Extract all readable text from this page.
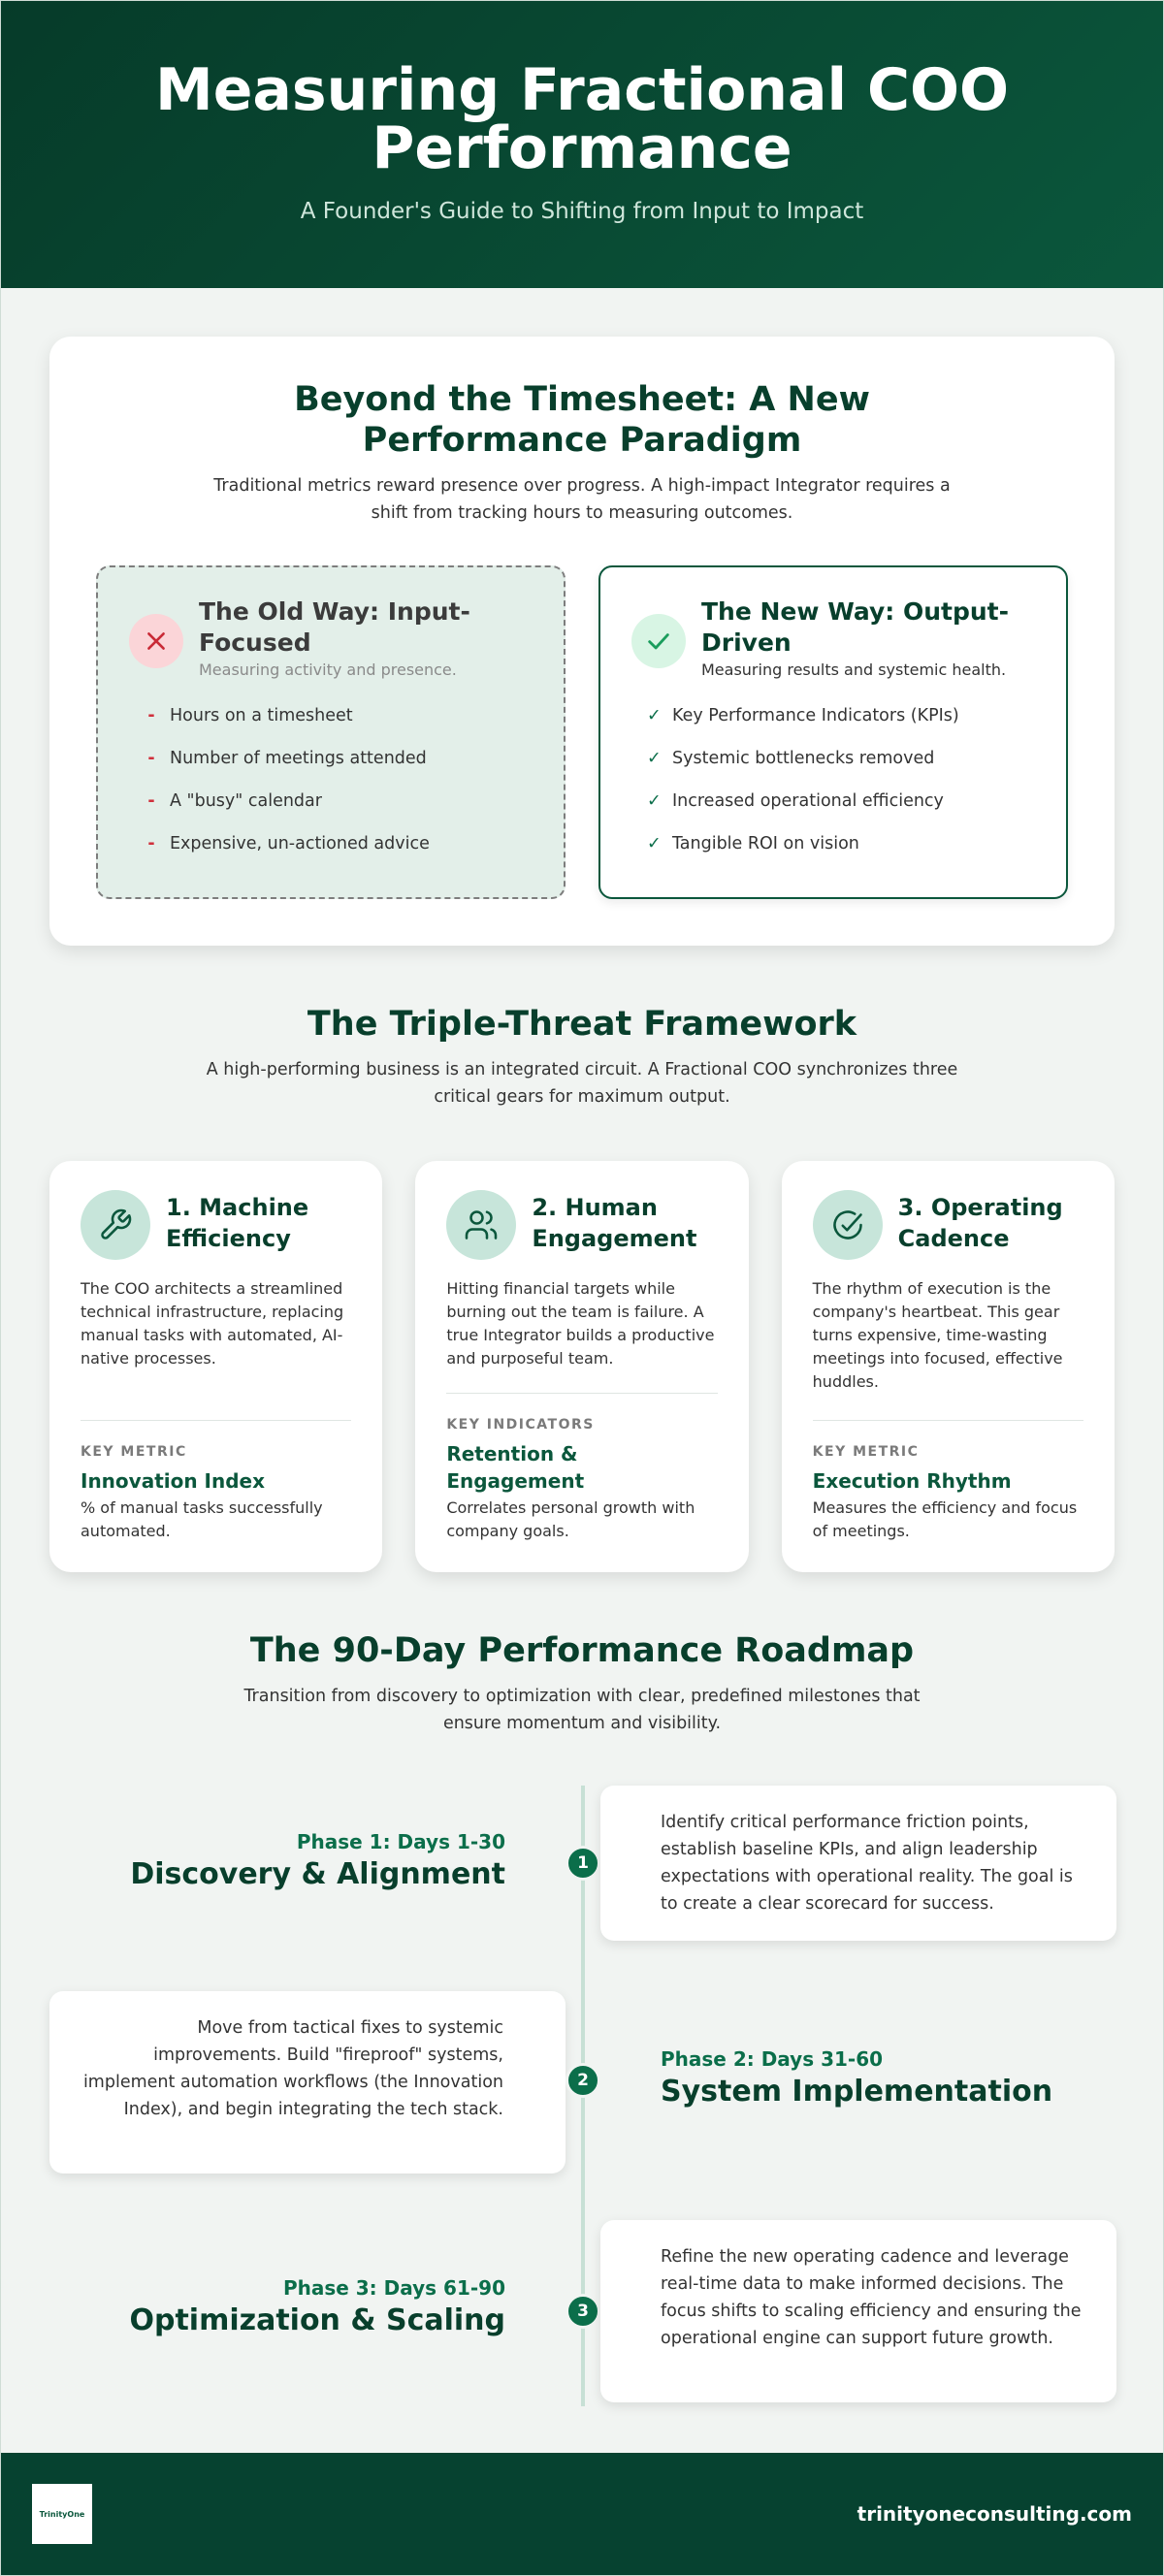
Measuring Fractional COO Performance

A Founder's Guide to Shifting from Input to Impact

Beyond the Timesheet: A New Performance Paradigm

Traditional metrics reward presence over progress. A high-impact Integrator requires a shift from tracking hours to measuring outcomes.

The Old Way: Input-Focused
Measuring activity and presence.
- Hours on a timesheet
- Number of meetings attended
- A "busy" calendar
- Expensive, un-actioned advice
The New Way: Output-Driven
Measuring results and systemic health.
✓ Key Performance Indicators (KPIs)
✓ Systemic bottlenecks removed
✓ Increased operational efficiency
✓ Tangible ROI on vision
The Triple-Threat Framework

A high-performing business is an integrated circuit. A Fractional COO synchronizes three critical gears for maximum output.

1. Machine Efficiency

The COO architects a streamlined technical infrastructure, replacing manual tasks with automated, AI-native processes.

KEY METRIC
Innovation Index
% of manual tasks successfully automated.
2. Human Engagement

Hitting financial targets while burning out the team is failure. A true Integrator builds a productive and purposeful team.

KEY INDICATORS
Retention & Engagement
Correlates personal growth with company goals.
3. Operating Cadence

The rhythm of execution is the company's heartbeat. This gear turns expensive, time-wasting meetings into focused, effective huddles.

KEY METRIC
Execution Rhythm
Measures the efficiency and focus of meetings.
The 90-Day Performance Roadmap

Transition from discovery to optimization with clear, predefined milestones that ensure momentum and visibility.

Phase 1: Days 1-30
Discovery & Alignment	1
Identify critical performance friction points, establish baseline KPIs, and align leadership expectations with operational reality. The goal is to create a clear scorecard for success.
Move from tactical fixes to systemic improvements. Build "fireproof" systems, implement automation workflows (the Innovation Index), and begin integrating the tech stack.
2
Phase 2: Days 31-60
System Implementation
Phase 3: Days 61-90
Optimization & Scaling	3
Refine the new operating cadence and leverage real-time data to make informed decisions. The focus shifts to scaling efficiency and ensuring the operational engine can support future growth.
TrinityOne	trinityoneconsulting.com
